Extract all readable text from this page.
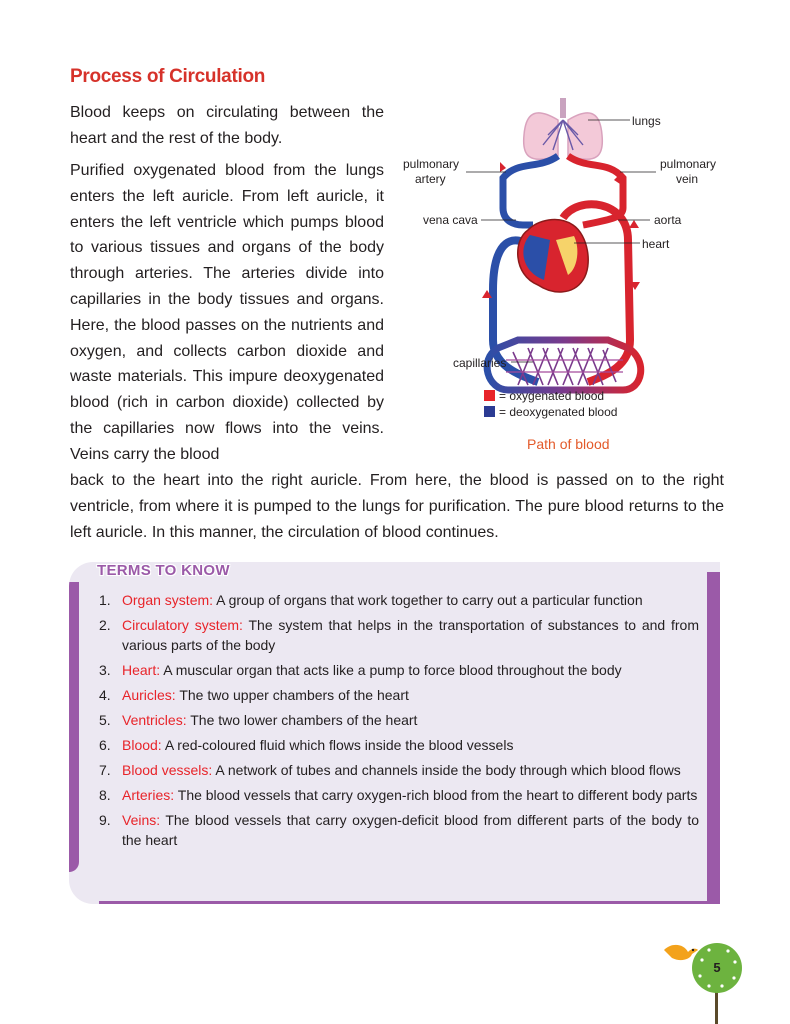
Process of Circulation

Blood keeps on circulating between the
heart and the rest of the body.

Purified oxygenated blood from the lungs enters the left auricle. From left auricle, it enters the left ventricle which pumps blood to various tissues and organs of the body through arteries. The arteries divide into capillaries in the body tissues and organs. Here, the blood passes on the nutrients and oxygen, and collects carbon dioxide and waste materials. This impure deoxygenated blood (rich in carbon dioxide) collected by the capillaries now flows into the veins. Veins carry the blood

back to the heart into the right auricle. From here, the blood is passed on to the right ventricle, from where it is pumped to the lungs for purification. The pure blood returns to the left auricle. In this manner, the circulation of blood continues.

lungs
pulmonary
artery
pulmonary
vein
vena cava	aorta
heart
capillaries
= oxygenated blood
= deoxygenated blood
Path of blood
TERMS TO KNOW
1. Organ system: A group of organs that work together to carry out a particular function
2. Circulatory system: The system that helps in the transportation of substances to and from various parts of the body
3. Heart: A muscular organ that acts like a pump to force blood throughout the body
4. Auricles: The two upper chambers of the heart
5. Ventricles: The two lower chambers of the heart
6. Blood: A red-coloured fluid which flows inside the blood vessels
7. Blood vessels: A network of tubes and channels inside the body through which blood flows
8. Arteries: The blood vessels that carry oxygen-rich blood from the heart to different body parts
9. Veins: The blood vessels that carry oxygen-deficit blood from different parts of the body to the heart
5
